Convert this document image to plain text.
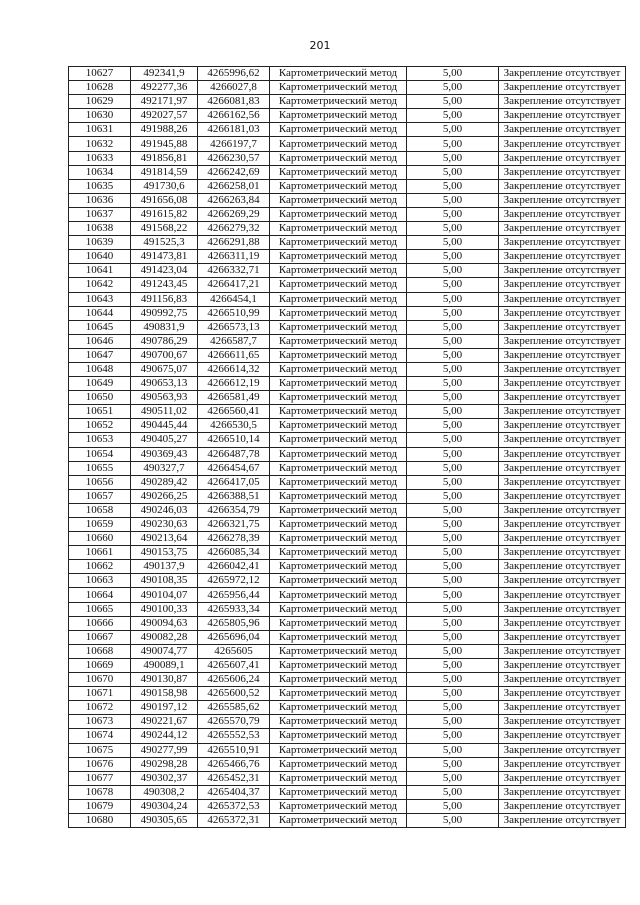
201
10627	492341,9	4265996,62	Картометрический метод	5,00	Закрепление отсутствует
10628	492277,36	4266027,8	Картометрический метод	5,00	Закрепление отсутствует
10629	492171,97	4266081,83	Картометрический метод	5,00	Закрепление отсутствует
10630	492027,57	4266162,56	Картометрический метод	5,00	Закрепление отсутствует
10631	491988,26	4266181,03	Картометрический метод	5,00	Закрепление отсутствует
10632	491945,88	4266197,7	Картометрический метод	5,00	Закрепление отсутствует
10633	491856,81	4266230,57	Картометрический метод	5,00	Закрепление отсутствует
10634	491814,59	4266242,69	Картометрический метод	5,00	Закрепление отсутствует
10635	491730,6	4266258,01	Картометрический метод	5,00	Закрепление отсутствует
10636	491656,08	4266263,84	Картометрический метод	5,00	Закрепление отсутствует
10637	491615,82	4266269,29	Картометрический метод	5,00	Закрепление отсутствует
10638	491568,22	4266279,32	Картометрический метод	5,00	Закрепление отсутствует
10639	491525,3	4266291,88	Картометрический метод	5,00	Закрепление отсутствует
10640	491473,81	4266311,19	Картометрический метод	5,00	Закрепление отсутствует
10641	491423,04	4266332,71	Картометрический метод	5,00	Закрепление отсутствует
10642	491243,45	4266417,21	Картометрический метод	5,00	Закрепление отсутствует
10643	491156,83	4266454,1	Картометрический метод	5,00	Закрепление отсутствует
10644	490992,75	4266510,99	Картометрический метод	5,00	Закрепление отсутствует
10645	490831,9	4266573,13	Картометрический метод	5,00	Закрепление отсутствует
10646	490786,29	4266587,7	Картометрический метод	5,00	Закрепление отсутствует
10647	490700,67	4266611,65	Картометрический метод	5,00	Закрепление отсутствует
10648	490675,07	4266614,32	Картометрический метод	5,00	Закрепление отсутствует
10649	490653,13	4266612,19	Картометрический метод	5,00	Закрепление отсутствует
10650	490563,93	4266581,49	Картометрический метод	5,00	Закрепление отсутствует
10651	490511,02	4266560,41	Картометрический метод	5,00	Закрепление отсутствует
10652	490445,44	4266530,5	Картометрический метод	5,00	Закрепление отсутствует
10653	490405,27	4266510,14	Картометрический метод	5,00	Закрепление отсутствует
10654	490369,43	4266487,78	Картометрический метод	5,00	Закрепление отсутствует
10655	490327,7	4266454,67	Картометрический метод	5,00	Закрепление отсутствует
10656	490289,42	4266417,05	Картометрический метод	5,00	Закрепление отсутствует
10657	490266,25	4266388,51	Картометрический метод	5,00	Закрепление отсутствует
10658	490246,03	4266354,79	Картометрический метод	5,00	Закрепление отсутствует
10659	490230,63	4266321,75	Картометрический метод	5,00	Закрепление отсутствует
10660	490213,64	4266278,39	Картометрический метод	5,00	Закрепление отсутствует
10661	490153,75	4266085,34	Картометрический метод	5,00	Закрепление отсутствует
10662	490137,9	4266042,41	Картометрический метод	5,00	Закрепление отсутствует
10663	490108,35	4265972,12	Картометрический метод	5,00	Закрепление отсутствует
10664	490104,07	4265956,44	Картометрический метод	5,00	Закрепление отсутствует
10665	490100,33	4265933,34	Картометрический метод	5,00	Закрепление отсутствует
10666	490094,63	4265805,96	Картометрический метод	5,00	Закрепление отсутствует
10667	490082,28	4265696,04	Картометрический метод	5,00	Закрепление отсутствует
10668	490074,77	4265605	Картометрический метод	5,00	Закрепление отсутствует
10669	490089,1	4265607,41	Картометрический метод	5,00	Закрепление отсутствует
10670	490130,87	4265606,24	Картометрический метод	5,00	Закрепление отсутствует
10671	490158,98	4265600,52	Картометрический метод	5,00	Закрепление отсутствует
10672	490197,12	4265585,62	Картометрический метод	5,00	Закрепление отсутствует
10673	490221,67	4265570,79	Картометрический метод	5,00	Закрепление отсутствует
10674	490244,12	4265552,53	Картометрический метод	5,00	Закрепление отсутствует
10675	490277,99	4265510,91	Картометрический метод	5,00	Закрепление отсутствует
10676	490298,28	4265466,76	Картометрический метод	5,00	Закрепление отсутствует
10677	490302,37	4265452,31	Картометрический метод	5,00	Закрепление отсутствует
10678	490308,2	4265404,37	Картометрический метод	5,00	Закрепление отсутствует
10679	490304,24	4265372,53	Картометрический метод	5,00	Закрепление отсутствует
10680	490305,65	4265372,31	Картометрический метод	5,00	Закрепление отсутствует
